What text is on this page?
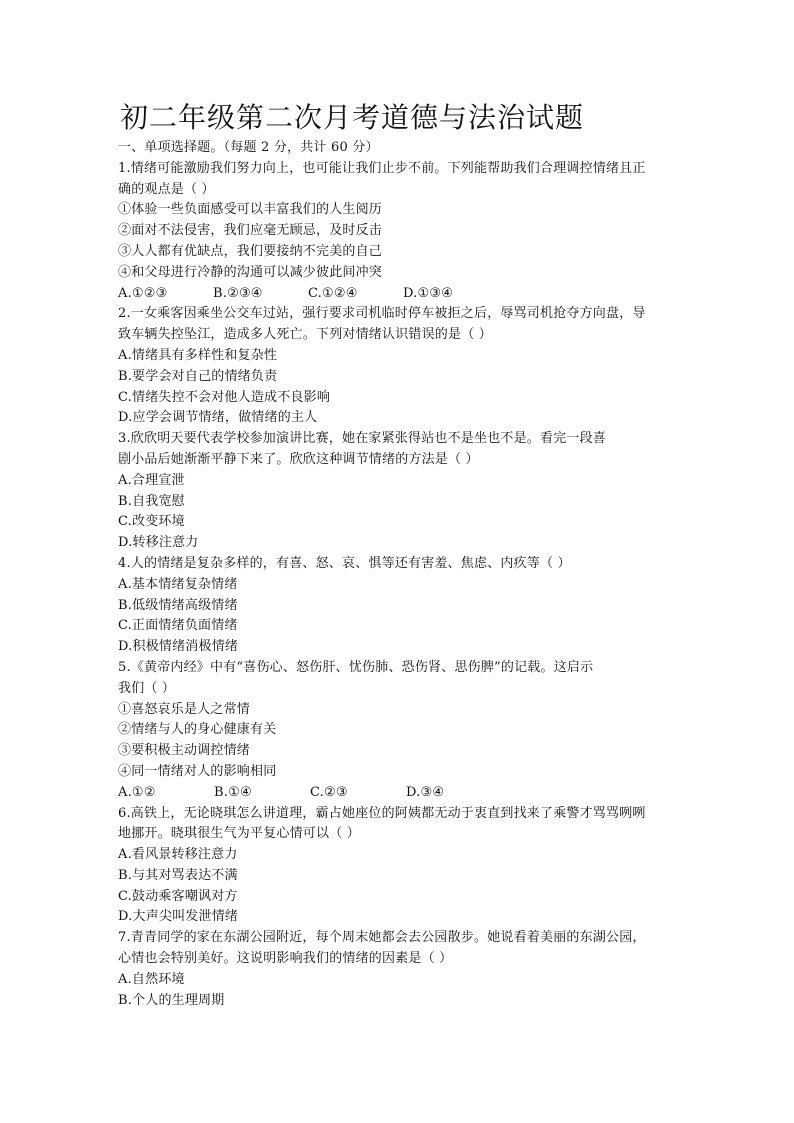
初二年级第二次月考道德与法治试题
一、单项选择题。（每题 2 分，共计 60 分）
1.情绪可能激励我们努力向上，也可能让我们止步不前。下列能帮助我们合理调控情绪且正
确的观点是（ ）
①体验一些负面感受可以丰富我们的人生阅历
②面对不法侵害，我们应毫无顾忌，及时反击
③人人都有优缺点，我们要接纳不完美的自己
④和父母进行冷静的沟通可以减少彼此间冲突
A.①②③	B.②③④	C.①②④	D.①③④
2.一女乘客因乘坐公交车过站，强行要求司机临时停车被拒之后，辱骂司机抢夺方向盘，导
致车辆失控坠江，造成多人死亡。下列对情绪认识错误的是（ ）
A.情绪具有多样性和复杂性
B.要学会对自己的情绪负责
C.情绪失控不会对他人造成不良影响
D.应学会调节情绪，做情绪的主人
3.欣欣明天要代表学校参加演讲比赛，她在家紧张得站也不是坐也不是。看完一段喜
剧小品后她渐渐平静下来了。欣欣这种调节情绪的方法是（ ）
A.合理宣泄
B.自我宽慰
C.改变环境
D.转移注意力
4.人的情绪是复杂多样的，有喜、怒、哀、惧等还有害羞、焦虑、内疚等（ ）
A.基本情绪复杂情绪
B.低级情绪高级情绪
C.正面情绪负面情绪
D.积极情绪消极情绪
5.《黄帝内经》中有“喜伤心、怒伤肝、忧伤肺、恐伤肾、思伤脾”的记载。这启示
我们（ ）
①喜怒哀乐是人之常情
②情绪与人的身心健康有关
③要积极主动调控情绪
④同一情绪对人的影响相同
A.①②	B.①④	C.②③	D.③④
6.高铁上，无论晓琪怎么讲道理，霸占她座位的阿姨都无动于衷直到找来了乘警才骂骂咧咧
地挪开。晓琪很生气为平复心情可以（ ）
A.看风景转移注意力
B.与其对骂表达不满
C.鼓动乘客嘲讽对方
D.大声尖叫发泄情绪
7.青青同学的家在东湖公园附近，每个周末她都会去公园散步。她说看着美丽的东湖公园，
心情也会特别美好。这说明影响我们的情绪的因素是（ ）
A.自然环境
B.个人的生理周期
